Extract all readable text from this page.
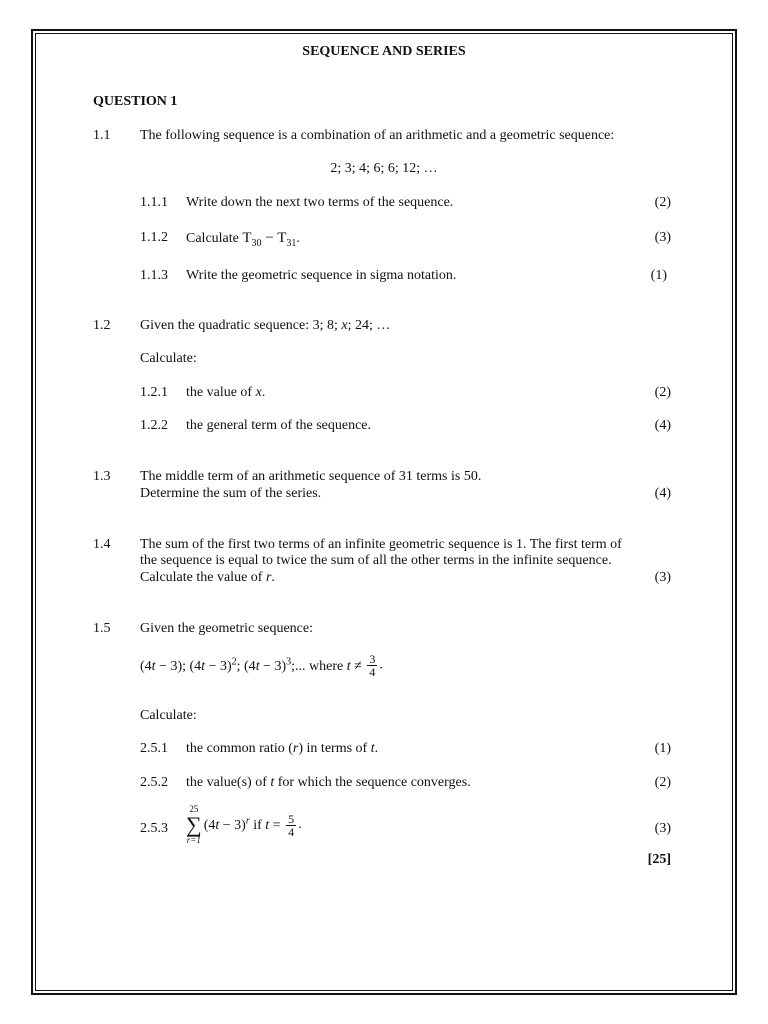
SEQUENCE AND SERIES
QUESTION 1
1.1 The following sequence is a combination of an arithmetic and a geometric sequence:
2; 3; 4; 6; 6; 12; …
1.1.1 Write down the next two terms of the sequence.	(2)
1.1.2 Calculate $T_{30} - T_{31}$.	(3)
1.1.3 Write the geometric sequence in sigma notation.	(1)
1.2 Given the quadratic sequence: 3; 8; x; 24; …
Calculate:
1.2.1 the value of x.	(2)
1.2.2 the general term of the sequence.	(4)
1.3 The middle term of an arithmetic sequence of 31 terms is 50.
Determine the sum of the series.	(4)
1.4 The sum of the first two terms of an infinite geometric sequence is 1. The first term of
the sequence is equal to twice the sum of all the other terms in the infinite sequence.
Calculate the value of r.	(3)
1.5 Given the geometric sequence:
(4t − 3); $(4t - 3)^2$; $(4t - 3)^3$;... where $t \ne \frac{3}{4}$ .
Calculate:
2.5.1 the common ratio (r) in terms of t.	(1)
2.5.2 the value(s) of t for which the sequence converges.	(2)
2.5.3
25
∑
r=1
$(4t - 3)^r$ if $t = \frac{5}{4}$ .	(3)
[25]
